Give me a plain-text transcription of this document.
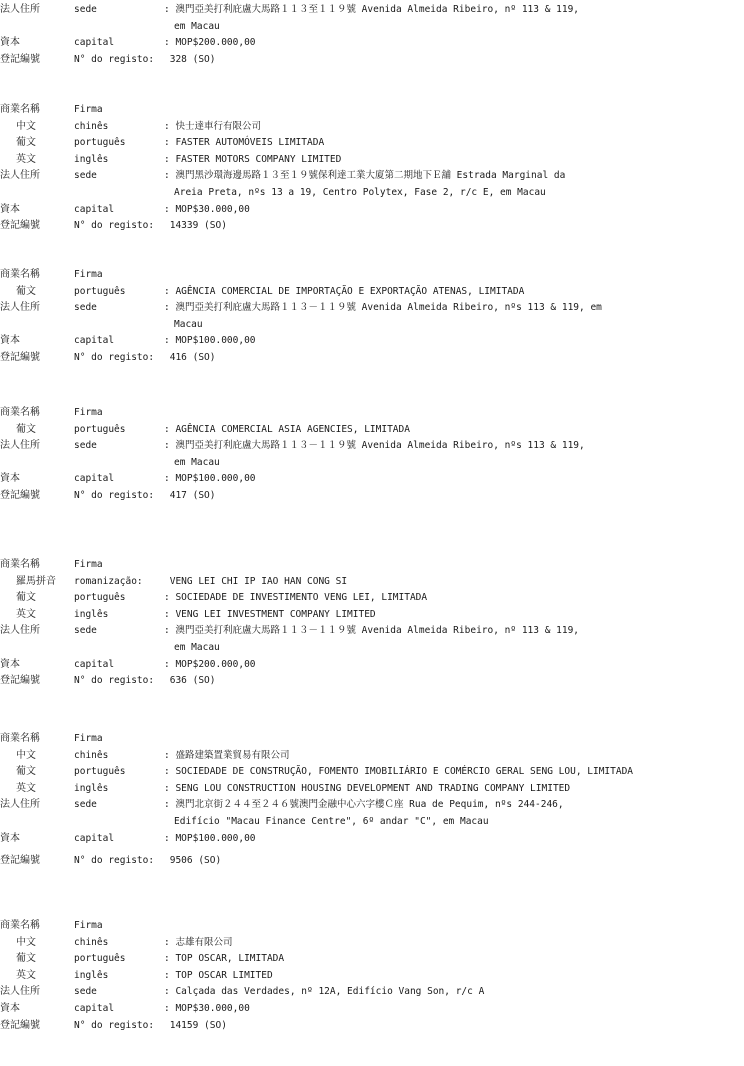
法人住所	sede	: 澳門亞美打利庇盧大馬路１１３至１１９號 Avenida Almeida Ribeiro, nº 113 & 119,
em Macau
資本	capital	: MOP$200.000,00
登記編號	N° do registo:	328 (SO)
商業名稱	Firma
中文	chinês	: 快士達車行有限公司
葡文	português	: FASTER AUTOMÓVEIS LIMITADA
英文	inglês	: FASTER MOTORS COMPANY LIMITED
法人住所	sede	: 澳門黑沙環海邊馬路１３至１９號保利達工業大廈第二期地下Ｅ舖 Estrada Marginal da
Areia Preta, nºs 13 a 19, Centro Polytex, Fase 2, r/c E, em Macau
資本	capital	: MOP$30.000,00
登記編號	N° do registo:	14339 (SO)
商業名稱	Firma
葡文	português	: AGÊNCIA COMERCIAL DE IMPORTAÇÃO E EXPORTAÇÃO ATENAS, LIMITADA
法人住所	sede	: 澳門亞美打利庇盧大馬路１１３－１１９號 Avenida Almeida Ribeiro, nºs 113 & 119, em
Macau
資本	capital	: MOP$100.000,00
登記編號	N° do registo:	416 (SO)
商業名稱	Firma
葡文	português	: AGÊNCIA COMERCIAL ASIA AGENCIES, LIMITADA
法人住所	sede	: 澳門亞美打利庇盧大馬路１１３－１１９號 Avenida Almeida Ribeiro, nºs 113 & 119,
em Macau
資本	capital	: MOP$100.000,00
登記編號	N° do registo:	417 (SO)
商業名稱	Firma
羅馬拼音	romanização:	VENG LEI CHI IP IAO HAN CONG SI
葡文	português	: SOCIEDADE DE INVESTIMENTO VENG LEI, LIMITADA
英文	inglês	: VENG LEI INVESTMENT COMPANY LIMITED
法人住所	sede	: 澳門亞美打利庇盧大馬路１１３－１１９號 Avenida Almeida Ribeiro, nº 113 & 119,
em Macau
資本	capital	: MOP$200.000,00
登記編號	N° do registo:	636 (SO)
商業名稱	Firma
中文	chinês	: 盛路建築置業貿易有限公司
葡文	português	: SOCIEDADE DE CONSTRUÇÃO, FOMENTO IMOBILIÁRIO E COMÉRCIO GERAL SENG LOU, LIMITADA
英文	inglês	: SENG LOU CONSTRUCTION HOUSING DEVELOPMENT AND TRADING COMPANY LIMITED
法人住所	sede	: 澳門北京街２４４至２４６號澳門金融中心六字樓Ｃ座 Rua de Pequim, nºs 244-246,
Edifício "Macau Finance Centre", 6º andar "C", em Macau
資本	capital	: MOP$100.000,00
登記編號	N° do registo:	9506 (SO)
商業名稱	Firma
中文	chinês	: 志雄有限公司
葡文	português	: TOP OSCAR, LIMITADA
英文	inglês	: TOP OSCAR LIMITED
法人住所	sede	: Calçada das Verdades, nº 12A, Edifício Vang Son, r/c A
資本	capital	: MOP$30.000,00
登記編號	N° do registo:	14159 (SO)
